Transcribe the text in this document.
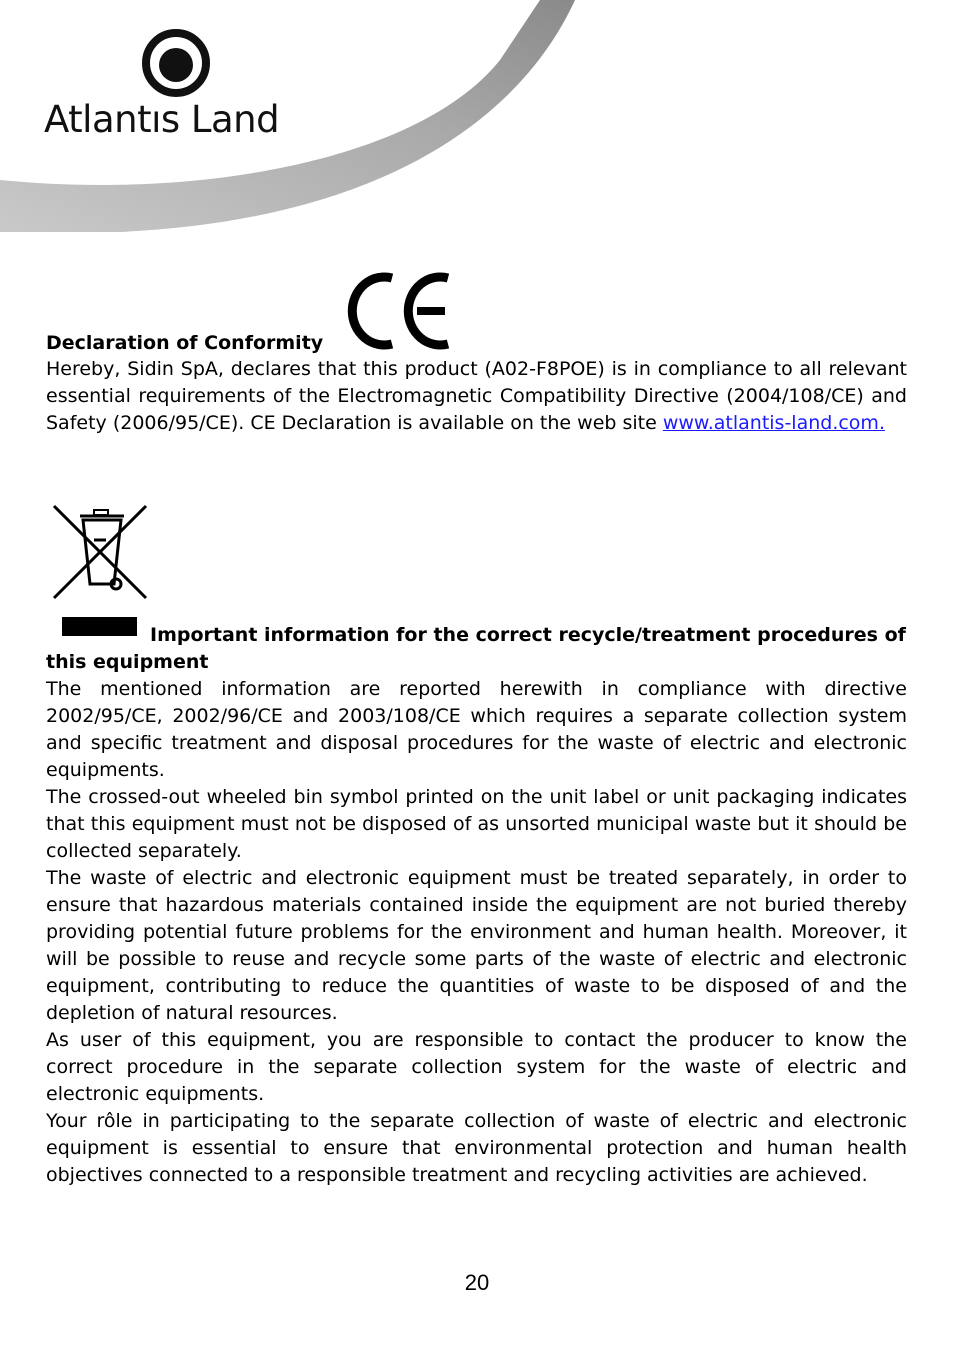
Atlantıs Land
Declaration of Conformity

Hereby, Sidin SpA, declares that this product (A02-F8POE) is in compliance to all relevant essential requirements of the Electromagnetic Compatibility Directive (2004/108/CE) and Safety (2006/95/CE). CE Declaration is available on the web site www.atlantis-land.com.

Important information for the correct recycle/treatment procedures of this equipment

The mentioned information are reported herewith in compliance with directive 2002/95/CE, 2002/96/CE and 2003/108/CE which requires a separate collection system and specific treatment and disposal procedures for the waste of electric and electronic equipments.

The crossed-out wheeled bin symbol printed on the unit label or unit packaging indicates that this equipment must not be disposed of as unsorted municipal waste but it should be collected separately.

The waste of electric and electronic equipment must be treated separately, in order to ensure that hazardous materials contained inside the equipment are not buried thereby providing potential future problems for the environment and human health. Moreover, it will be possible to reuse and recycle some parts of the waste of electric and electronic equipment, contributing to reduce the quantities of waste to be disposed of and the depletion of natural resources.

As user of this equipment, you are responsible to contact the producer to know the correct procedure in the separate collection system for the waste of electric and electronic equipments.

Your rôle in participating to the separate collection of waste of electric and electronic equipment is essential to ensure that environmental protection and human health objectives connected to a responsible treatment and recycling activities are achieved.

20
